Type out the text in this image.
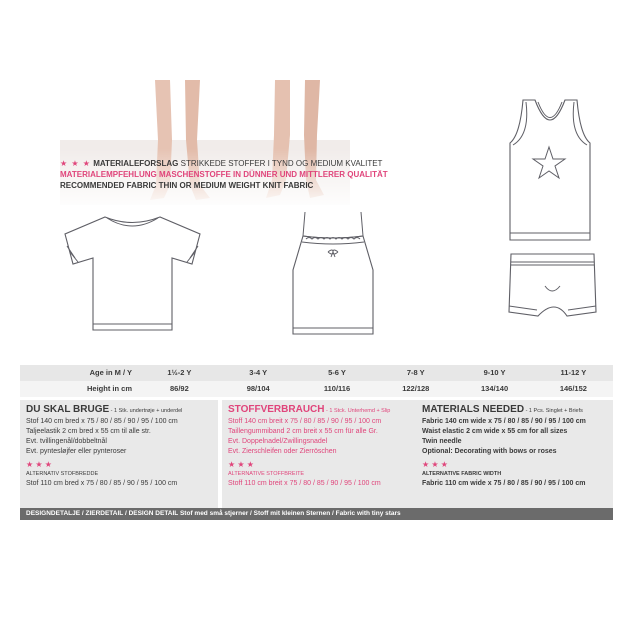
★ ★ ★ MATERIALEFORSLAG STRIKKEDE STOFFER I TYND OG MEDIUM KVALITET
MATERIALEMPFEHLUNG MASCHENSTOFFE IN DÜNNER UND MITTLERER QUALITÄT
RECOMMENDED FABRIC THIN OR MEDIUM WEIGHT KNIT FABRIC
Age in M / Y	1½-2 Y	3-4 Y	5-6 Y	7-8 Y	9-10 Y	11-12 Y
Height in cm	86/92	98/104	110/116	122/128	134/140	146/152
DU SKAL BRUGE - 1 Stk. undertrøje + underdel
Stof 140 cm bred x 75 / 80 / 85 / 90 / 95 / 100 cm
Taljeelastik 2 cm bred x 55 cm til alle str.
Evt. tvillingenål/dobbeltnål
Evt. pyntesløjfer eller pynteroser
★ ★ ★
ALTERNATIV STOFBREDDE
Stof 110 cm bred x 75 / 80 / 85 / 90 / 95 / 100 cm
STOFFVERBRAUCH - 1 Stck. Unterhemd + Slip
Stoff 140 cm breit x 75 / 80 / 85 / 90 / 95 / 100 cm
Taillengummiband 2 cm breit x 55 cm für alle Gr.
Evt. Doppelnadel/Zwillingsnadel
Evt. Zierschleifen oder Zierröschen
★ ★ ★
ALTERNATIVE STOFFBREITE
Stoff 110 cm breit x 75 / 80 / 85 / 90 / 95 / 100 cm
MATERIALS NEEDED - 1 Pcs. Singlet + Briefs
Fabric 140 cm wide x 75 / 80 / 85 / 90 / 95 / 100 cm
Waist elastic 2 cm wide x 55 cm for all sizes
Twin needle
Optional: Decorating with bows or roses
★ ★ ★
ALTERNATIVE FABRIC WIDTH
Fabric 110 cm wide x 75 / 80 / 85 / 90 / 95 / 100 cm
DESIGNDETALJE / ZIERDETAIL / DESIGN DETAIL Stof med små stjerner / Stoff mit kleinen Sternen / Fabric with tiny stars
